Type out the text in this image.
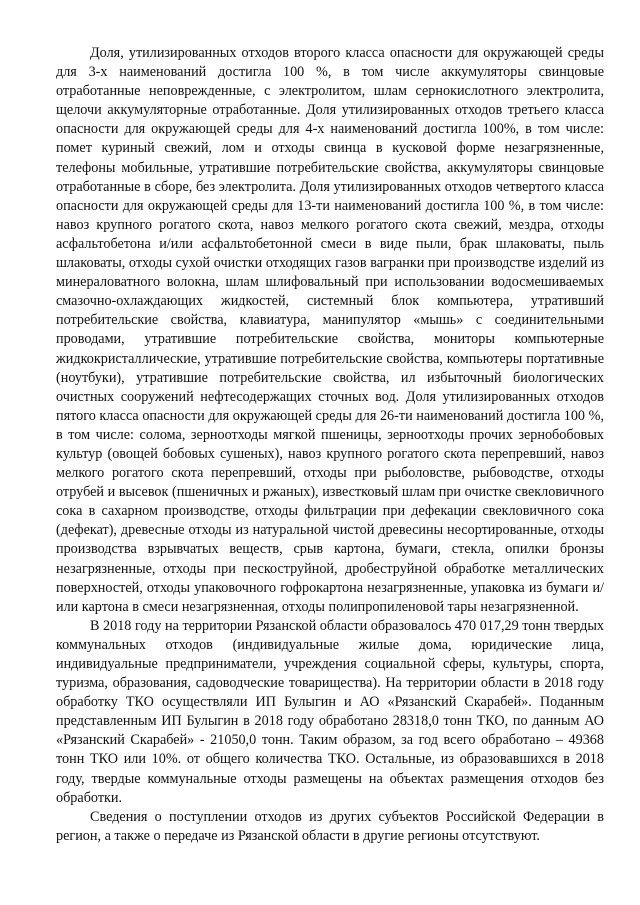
Доля, утилизированных отходов второго класса опасности для окружающей среды для 3-х наименований достигла 100 %, в том числе аккумуляторы свинцовые отработанные неповрежденные, с электролитом, шлам сернокислотного электролита, щелочи аккумуляторные отработанные. Доля утилизированных отходов третьего класса опасности для окружающей среды для 4-х наименований достигла 100%, в том числе: помет куриный свежий, лом и отходы свинца в кусковой форме незагрязненные, телефоны мобильные, утратившие потребительские свойства, аккумуляторы свинцовые отработанные в сборе, без электролита. Доля утилизированных отходов четвертого класса опасности для окружающей среды для 13-ти наименований достигла 100 %, в том числе: навоз крупного рогатого скота, навоз мелкого рогатого скота свежий, мездра, отходы асфальтобетона и/или асфальтобетонной смеси в виде пыли, брак шлаковаты, пыль шлаковаты, отходы сухой очистки отходящих газов вагранки при производстве изделий из минераловатного волокна, шлам шлифовальный при использовании водосмешиваемых смазочно-охлаждающих жидкостей, системный блок компьютера, утративший потребительские свойства, клавиатура, манипулятор «мышь» с соединительными проводами, утратившие потребительские свойства, мониторы компьютерные жидкокристаллические, утратившие потребительские свойства, компьютеры портативные (ноутбуки), утратившие потребительские свойства, ил избыточный биологических очистных сооружений нефтесодержащих сточных вод. Доля утилизированных отходов пятого класса опасности для окружающей среды для 26-ти наименований достигла 100 %, в том числе: солома, зерноотходы мягкой пшеницы, зерноотходы прочих зернобобовых культур (овощей бобовых сушеных), навоз крупного рогатого скота перепревший, навоз мелкого рогатого скота перепревший, отходы при рыболовстве, рыбоводстве, отходы отрубей и высевок (пшеничных и ржаных), известковый шлам при очистке свекловичного сока в сахарном производстве, отходы фильтрации при дефекации свекловичного сока (дефекат), древесные отходы из натуральной чистой древесины несортированные, отходы производства взрывчатых веществ, срыв картона, бумаги, стекла, опилки бронзы незагрязненные, отходы при пескоструйной, дробеструйной обработке металлических поверхностей, отходы упаковочного гофрокартона незагрязненные, упаковка из бумаги и/или картона в смеси незагрязненная, отходы полипропиленовой тары незагрязненной.

В 2018 году на территории Рязанской области образовалось 470 017,29 тонн твердых коммунальных отходов (индивидуальные жилые дома, юридические лица, индивидуальные предприниматели, учреждения социальной сферы, культуры, спорта, туризма, образования, садоводческие товарищества). На территории области в 2018 году обработку ТКО осуществляли ИП Булыгин и АО «Рязанский Скарабей». Поданным представленным ИП Булыгин в 2018 году обработано 28318,0 тонн ТКО, по данным АО «Рязанский Скарабей» - 21050,0 тонн. Таким образом, за год всего обработано – 49368 тонн ТКО или 10%. от общего количества ТКО. Остальные, из образовавшихся в 2018 году, твердые коммунальные отходы размещены на объектах размещения отходов без обработки.

Сведения о поступлении отходов из других субъектов Российской Федерации в регион, а также о передаче из Рязанской области в другие регионы отсутствуют.
